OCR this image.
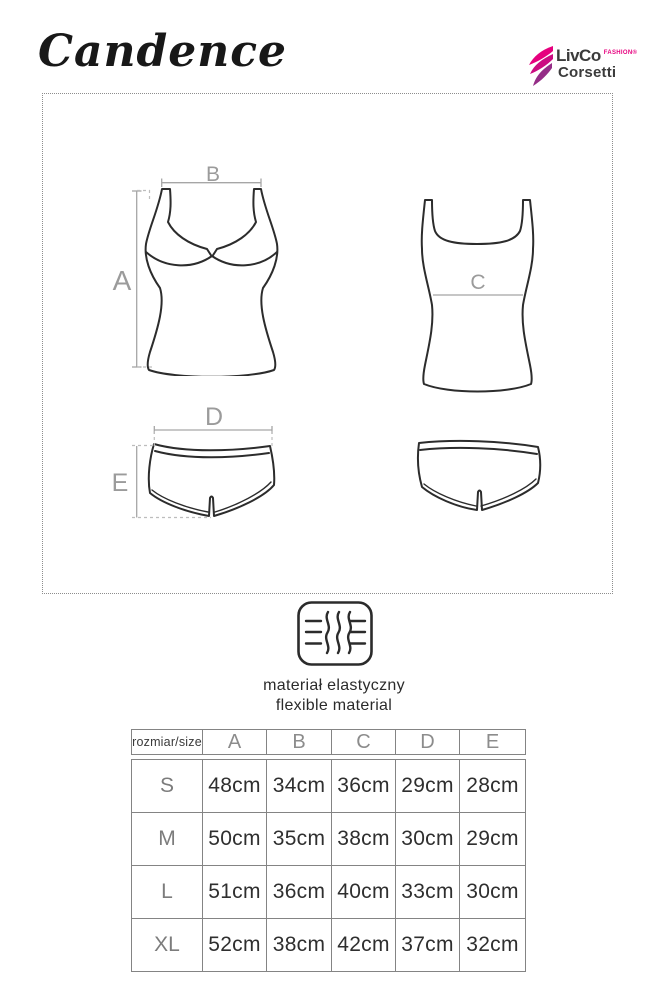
Candence	LivCo FASHION®
Corsetti
A
B
C
D
E
materiał elastyczny
flexible material
rozmiar/size	A	B	C	D	E
S	48cm	34cm	36cm	29cm	28cm
M	50cm	35cm	38cm	30cm	29cm
L	51cm	36cm	40cm	33cm	30cm
XL	52cm	38cm	42cm	37cm	32cm
